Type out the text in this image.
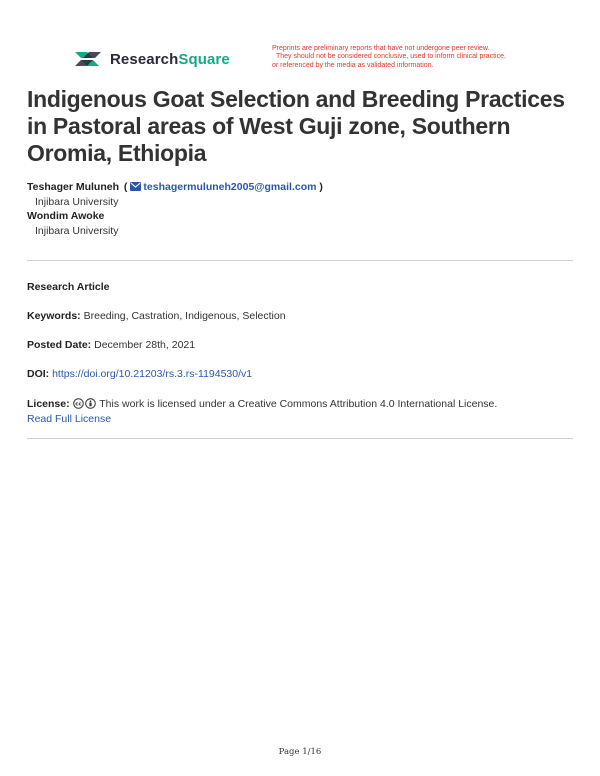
ResearchSquare
Preprints are preliminary reports that have not undergone peer review.
They should not be considered conclusive, used to inform clinical practice,
or referenced by the media as validated information.
Indigenous Goat Selection and Breeding Practices in Pastoral areas of West Guji zone, Southern Oromia, Ethiopia
Teshager Muluneh ( teshagermuluneh2005@gmail.com )
Injibara University
Wondim Awoke
Injibara University
Research Article
Keywords: Breeding, Castration, Indigenous, Selection
Posted Date: December 28th, 2021
DOI: https://doi.org/10.21203/rs.3.rs-1194530/v1
License: cc This work is licensed under a Creative Commons Attribution 4.0 International License.
Read Full License
Page 1/16
